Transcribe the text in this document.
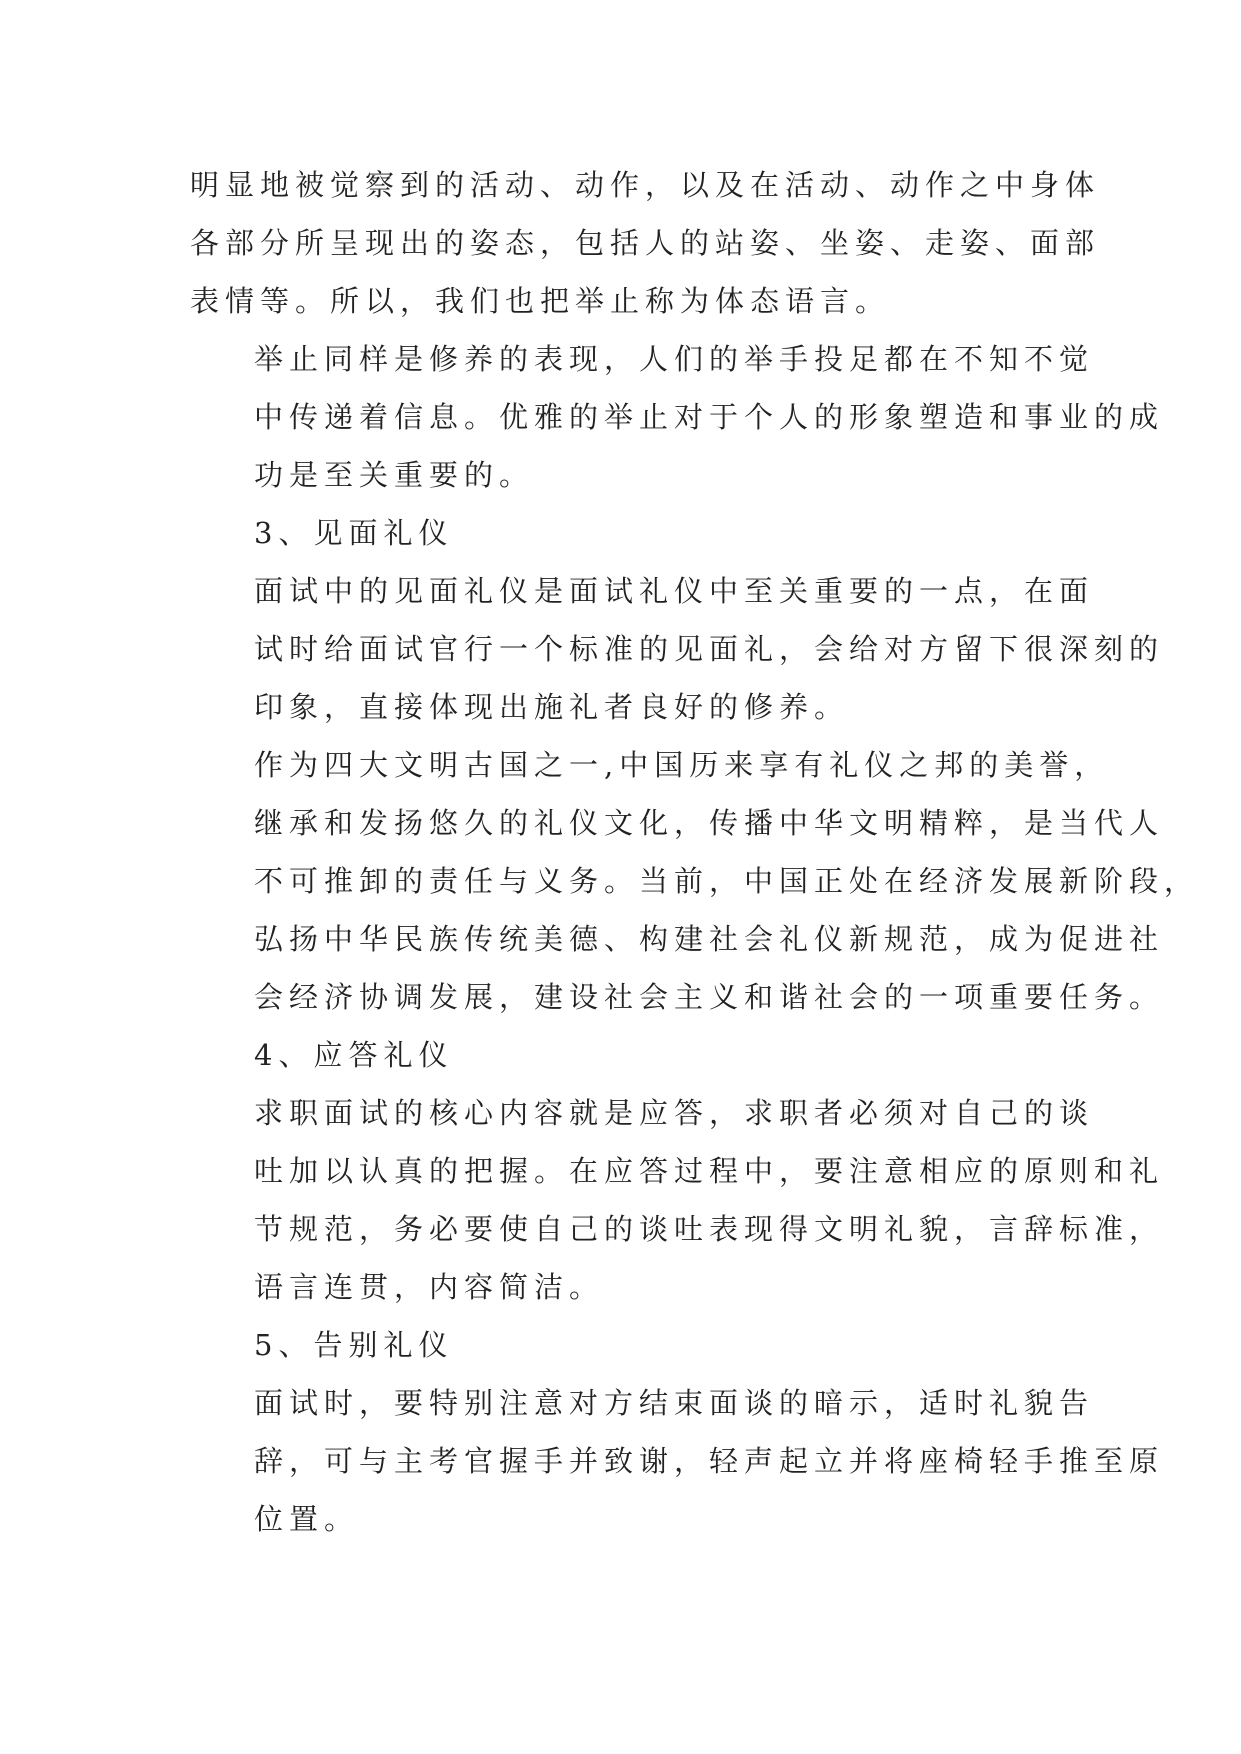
明显地被觉察到的活动、动作，以及在活动、动作之中身体
各部分所呈现出的姿态，包括人的站姿、坐姿、走姿、面部
表情等。所以，我们也把举止称为体态语言。

举止同样是修养的表现，人们的举手投足都在不知不觉
中传递着信息。优雅的举止对于个人的形象塑造和事业的成
功是至关重要的。

3、见面礼仪

面试中的见面礼仪是面试礼仪中至关重要的一点，在面
试时给面试官行一个标准的见面礼，会给对方留下很深刻的
印象，直接体现出施礼者良好的修养。

作为四大文明古国之一,中国历来享有礼仪之邦的美誉，
继承和发扬悠久的礼仪文化，传播中华文明精粹，是当代人
不可推卸的责任与义务。当前，中国正处在经济发展新阶段，
弘扬中华民族传统美德、构建社会礼仪新规范，成为促进社
会经济协调发展，建设社会主义和谐社会的一项重要任务。

4、应答礼仪

求职面试的核心内容就是应答，求职者必须对自己的谈
吐加以认真的把握。在应答过程中，要注意相应的原则和礼
节规范，务必要使自己的谈吐表现得文明礼貌，言辞标准，
语言连贯，内容简洁。

5、告别礼仪

面试时，要特别注意对方结束面谈的暗示，适时礼貌告
辞，可与主考官握手并致谢，轻声起立并将座椅轻手推至原
位置。
